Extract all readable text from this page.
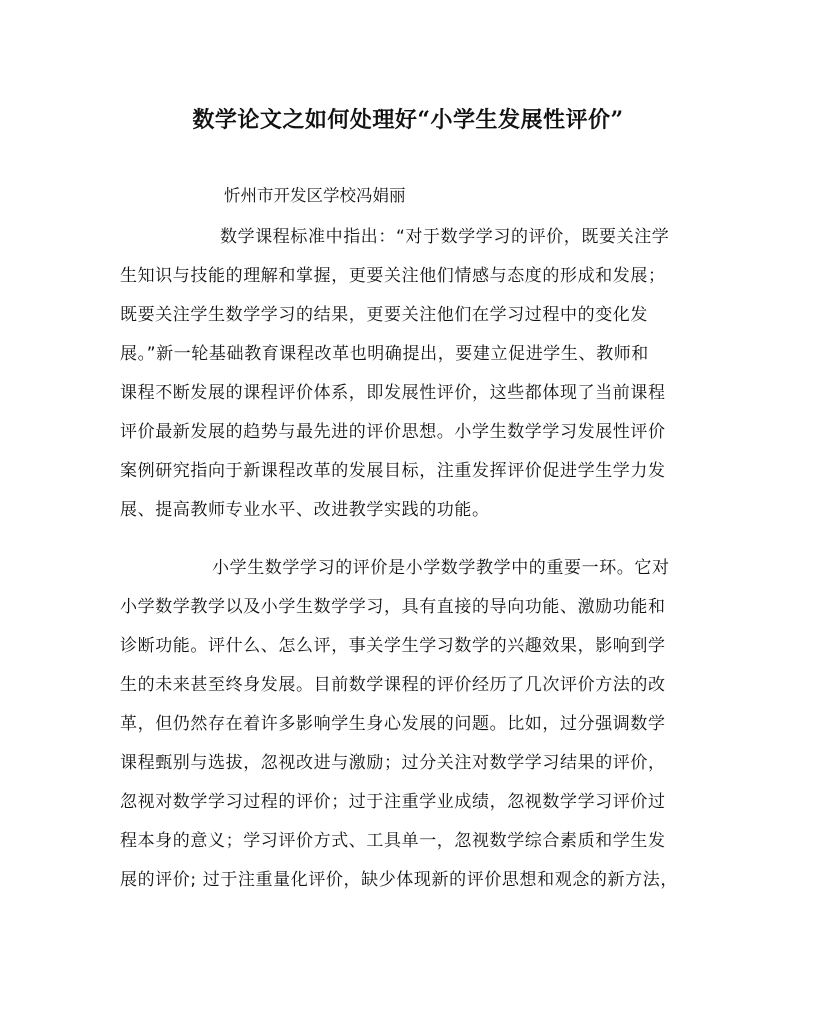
数学论文之如何处理好“小学生发展性评价”
忻州市开发区学校冯娟丽
数学课程标准中指出：“对于数学学习的评价，既要关注学
生知识与技能的理解和掌握，更要关注他们情感与态度的形成和发展；
既要关注学生数学学习的结果，更要关注他们在学习过程中的变化发
展。”新一轮基础教育课程改革也明确提出，要建立促进学生、教师和
课程不断发展的课程评价体系，即发展性评价，这些都体现了当前课程
评价最新发展的趋势与最先进的评价思想。小学生数学学习发展性评价
案例研究指向于新课程改革的发展目标，注重发挥评价促进学生学力发
展、提高教师专业水平、改进教学实践的功能。
小学生数学学习的评价是小学数学教学中的重要一环。它对
小学数学教学以及小学生数学学习，具有直接的导向功能、激励功能和
诊断功能。评什么、怎么评，事关学生学习数学的兴趣效果，影响到学
生的未来甚至终身发展。目前数学课程的评价经历了几次评价方法的改
革，但仍然存在着许多影响学生身心发展的问题。比如，过分强调数学
课程甄别与选拔，忽视改进与激励；过分关注对数学学习结果的评价，
忽视对数学学习过程的评价；过于注重学业成绩，忽视数学学习评价过
程本身的意义；学习评价方式、工具单一，忽视数学综合素质和学生发
展的评价; 过于注重量化评价，缺少体现新的评价思想和观念的新方法，
